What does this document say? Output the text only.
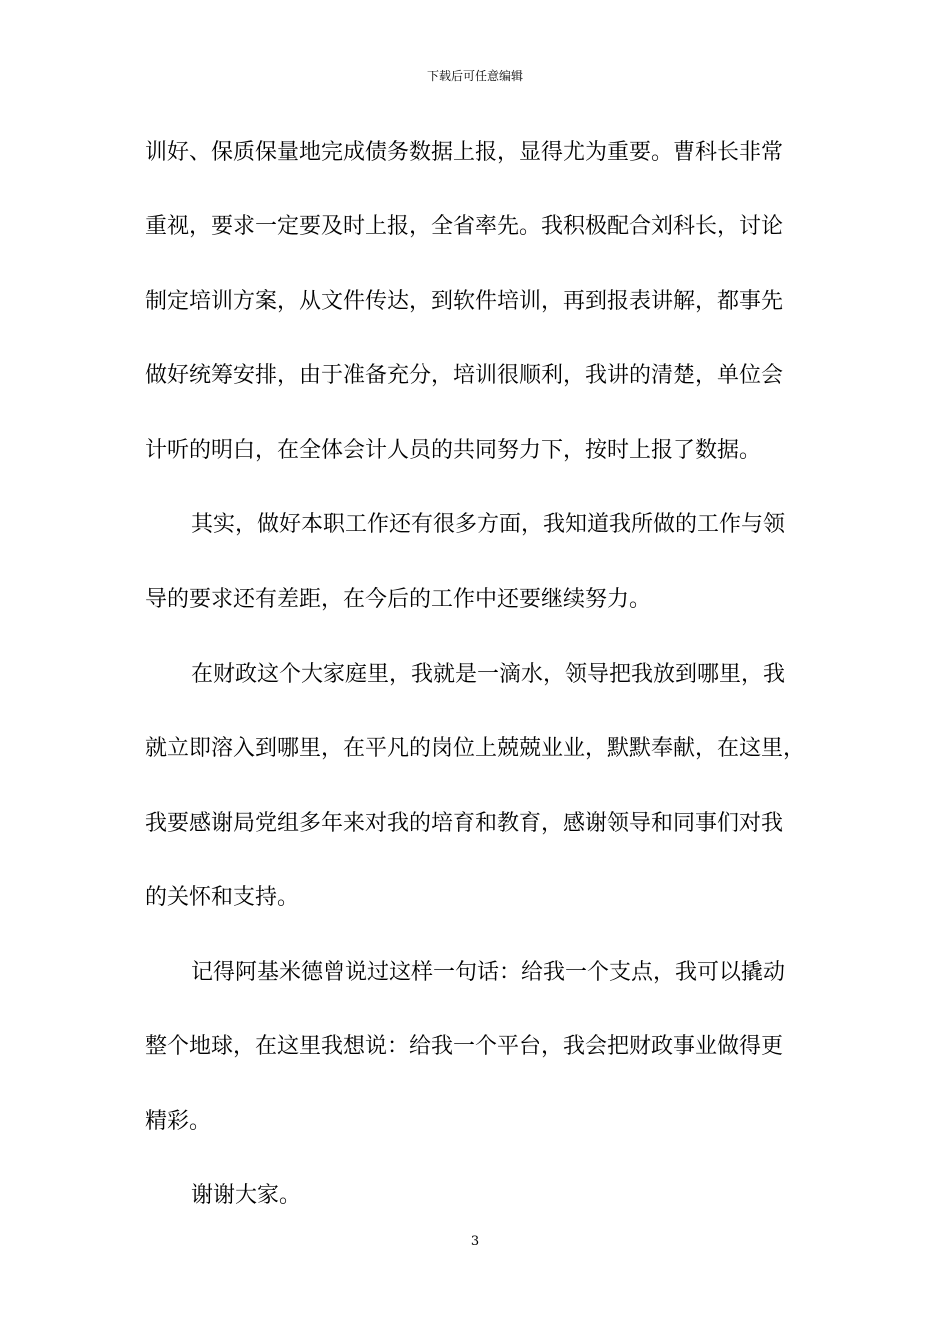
下载后可任意编辑
训好、保质保量地完成债务数据上报，显得尤为重要。曹科长非常
重视，要求一定要及时上报，全省率先。我积极配合刘科长，讨论
制定培训方案，从文件传达，到软件培训，再到报表讲解，都事先
做好统筹安排，由于准备充分，培训很顺利，我讲的清楚，单位会
计听的明白，在全体会计人员的共同努力下，按时上报了数据。
其实，做好本职工作还有很多方面，我知道我所做的工作与领
导的要求还有差距，在今后的工作中还要继续努力。
在财政这个大家庭里，我就是一滴水，领导把我放到哪里，我
就立即溶入到哪里，在平凡的岗位上兢兢业业，默默奉献，在这里，
我要感谢局党组多年来对我的培育和教育，感谢领导和同事们对我
的关怀和支持。
记得阿基米德曾说过这样一句话：给我一个支点，我可以撬动
整个地球，在这里我想说：给我一个平台，我会把财政事业做得更
精彩。
谢谢大家。
3
